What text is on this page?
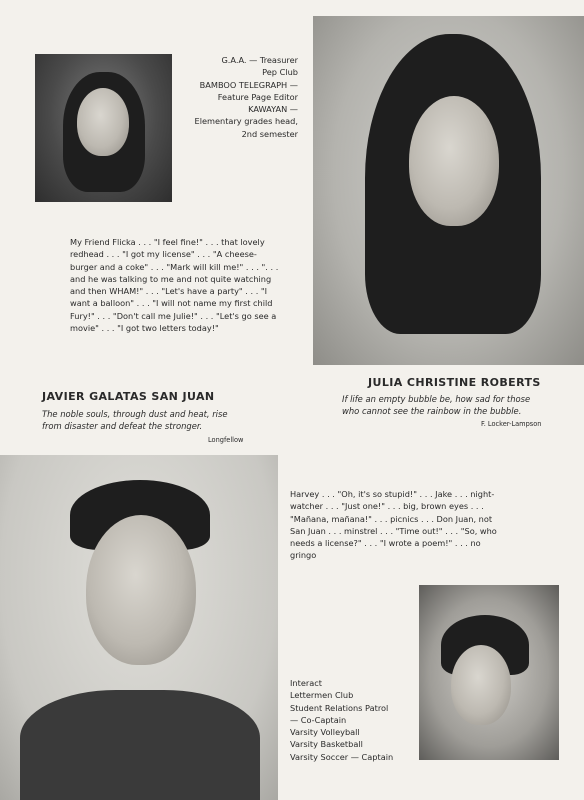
G.A.A. — Treasurer
Pep Club
BAMBOO TELEGRAPH —
Feature Page Editor
KAWAYAN —
Elementary grades head,
2nd semester

My Friend Flicka . . . "I feel fine!" . . . that lovely
redhead . . . "I got my license" . . . "A cheese-
burger and a coke" . . . "Mark will kill me!" . . . ". . .
and he was talking to me and not quite watching
and then WHAM!" . . . "Let's have a party" . . . "I
want a balloon" . . . "I will not name my first child
Fury!" . . . "Don't call me Julie!" . . . "Let's go see a
movie" . . . "I got two letters today!"

JULIA CHRISTINE ROBERTS
If life an empty bubble be, how sad for those
who cannot see the rainbow in the bubble.
F. Locker-Lampson
JAVIER GALATAS SAN JUAN
The noble souls, through dust and heat, rise
from disaster and defeat the stronger.
Longfellow

Harvey . . . "Oh, it's so stupid!" . . . Jake . . . night-
watcher . . . "Just one!" . . . big, brown eyes . . .
"Mañana, mañana!" . . . picnics . . . Don Juan, not
San Juan . . . minstrel . . . "Time out!" . . . "So, who
needs a license?" . . . "I wrote a poem!" . . . no
gringo

Interact
Lettermen Club
Student Relations Patrol
— Co-Captain
Varsity Volleyball
Varsity Basketball
Varsity Soccer — Captain
